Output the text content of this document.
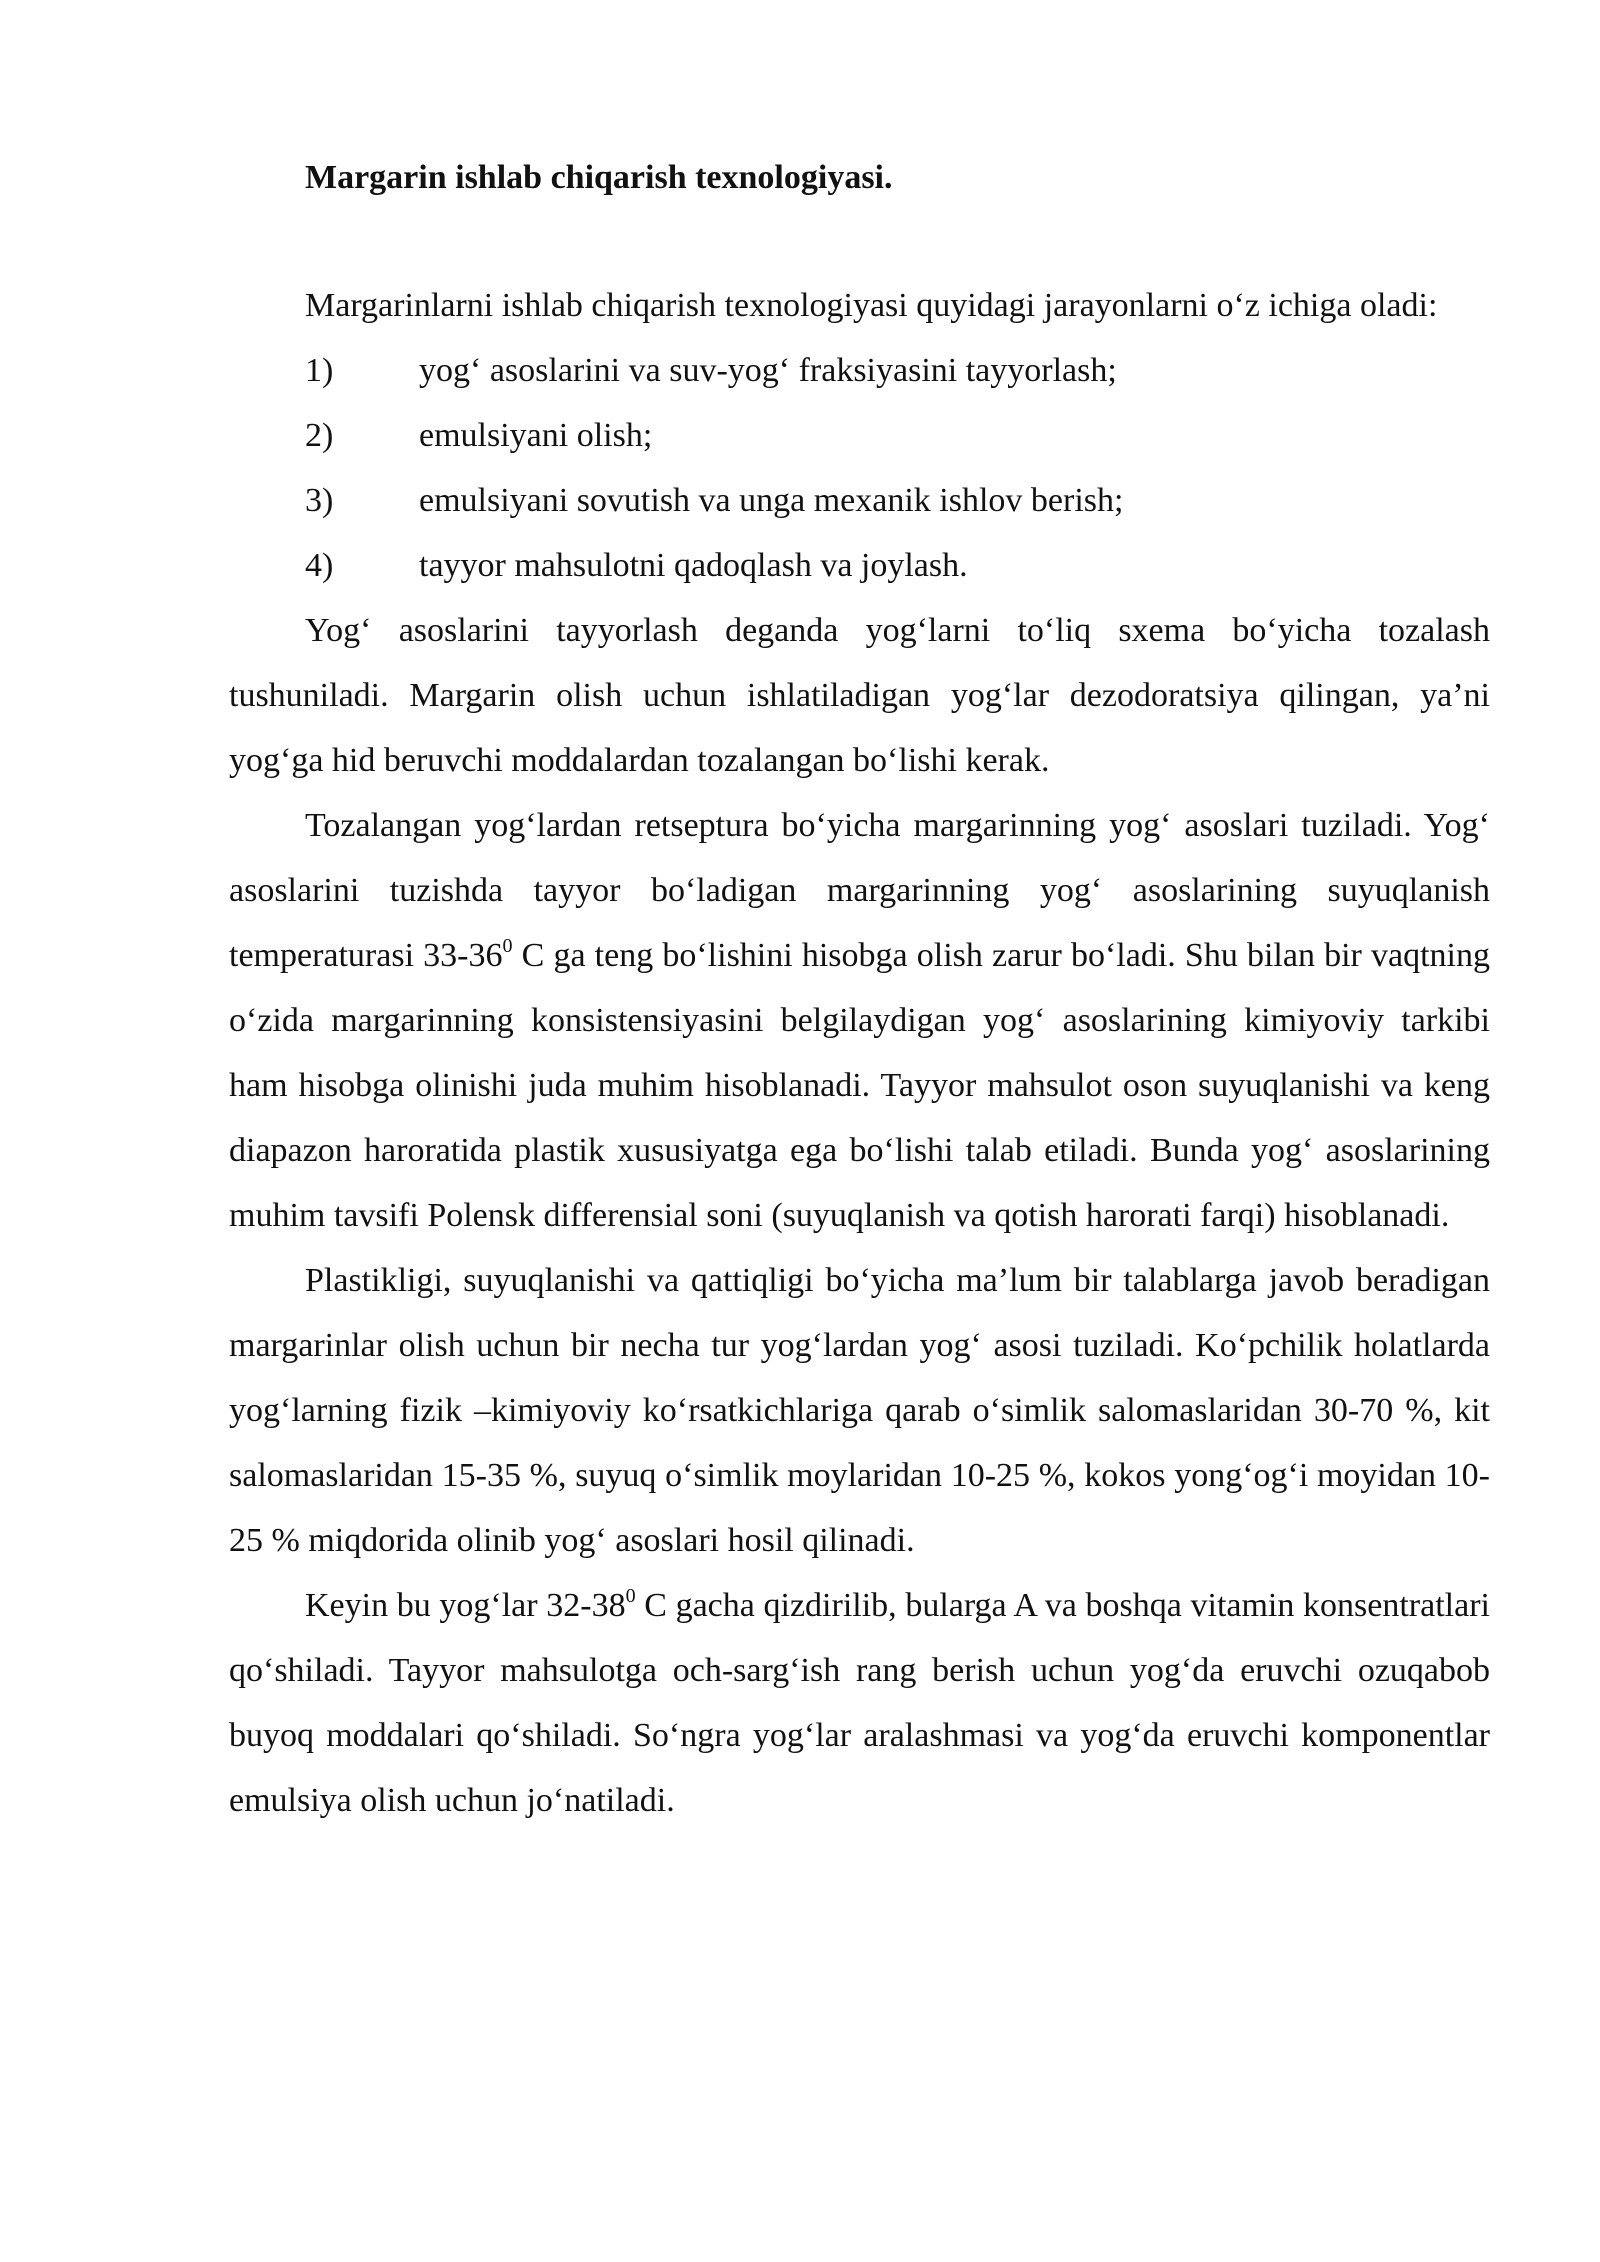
Margarin ishlab chiqarish texnologiyasi.

Margarinlarni ishlab chiqarish texnologiyasi quyidagi jarayonlarni o‘z ichiga oladi:

1)	yog‘ asoslarini va suv-yog‘ fraksiyasini tayyorlash;
2)	emulsiyani olish;
3)	emulsiyani sovutish va unga mexanik ishlov berish;
4)	tayyor mahsulotni qadoqlash va joylash.

Yog‘ asoslarini tayyorlash deganda yog‘larni to‘liq sxema bo‘yicha tozalash tushuniladi. Margarin olish uchun ishlatiladigan yog‘lar dezodoratsiya qilingan, ya’ni yog‘ga hid beruvchi moddalardan tozalangan bo‘lishi kerak.

Tozalangan yog‘lardan retseptura bo‘yicha margarinning yog‘ asoslari tuziladi. Yog‘ asoslarini tuzishda tayyor bo‘ladigan margarinning yog‘ asoslarining suyuqlanish temperaturasi $33-36^0$ C ga teng bo‘lishini hisobga olish zarur bo‘ladi. Shu bilan bir vaqtning o‘zida margarinning konsistensiyasini belgilaydigan yog‘ asoslarining kimiyoviy tarkibi ham hisobga olinishi juda muhim hisoblanadi. Tayyor mahsulot oson suyuqlanishi va keng diapazon haroratida plastik xususiyatga ega bo‘lishi talab etiladi. Bunda yog‘ asoslarining muhim tavsifi Polensk differensial soni (suyuqlanish va qotish harorati farqi) hisoblanadi.

Plastikligi, suyuqlanishi va qattiqligi bo‘yicha ma’lum bir talablarga javob beradigan margarinlar olish uchun bir necha tur yog‘lardan yog‘ asosi tuziladi. Ko‘pchilik holatlarda yog‘larning fizik –kimiyoviy ko‘rsatkichlariga qarab o‘simlik salomaslaridan 30-70 %, kit salomaslaridan 15-35 %, suyuq o‘simlik moylaridan 10-25 %, kokos yong‘og‘i moyidan 10-25 % miqdorida olinib yog‘ asoslari hosil qilinadi.

Keyin bu yog‘lar $32-38^0$ C gacha qizdirilib, bularga A va boshqa vitamin konsentratlari qo‘shiladi. Tayyor mahsulotga och-sarg‘ish rang berish uchun yog‘da eruvchi ozuqabob buyoq moddalari qo‘shiladi. So‘ngra yog‘lar aralashmasi va yog‘da eruvchi komponentlar emulsiya olish uchun jo‘natiladi.
